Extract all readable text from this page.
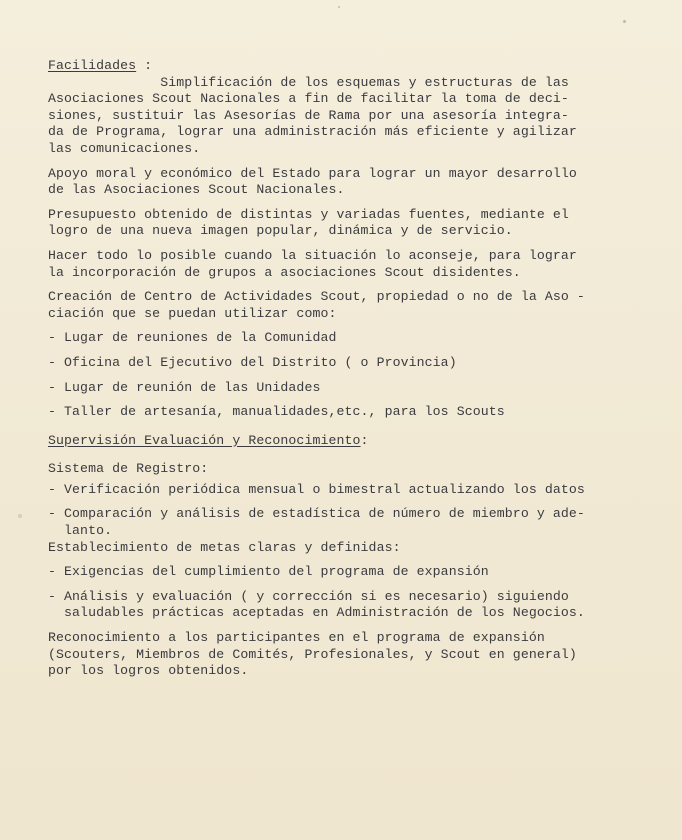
Facilidades :
Simplificación de los esquemas y estructuras de las
Asociaciones Scout Nacionales a fin de facilitar la toma de deci-
siones, sustituir las Asesorías de Rama por una asesoría integra-
da de Programa, lograr una administración más eficiente y agilizar
las comunicaciones.
Apoyo moral y económico del Estado para lograr un mayor desarrollo
de las Asociaciones Scout Nacionales.
Presupuesto obtenido de distintas y variadas fuentes, mediante el
logro de una nueva imagen popular, dinámica y de servicio.
Hacer todo lo posible cuando la situación lo aconseje, para lograr
la incorporación de grupos a asociaciones Scout disidentes.
Creación de Centro de Actividades Scout, propiedad o no de la Aso -
ciación que se puedan utilizar como:
- Lugar de reuniones de la Comunidad
- Oficina del Ejecutivo del Distrito ( o Provincia)
- Lugar de reunión de las Unidades
- Taller de artesanía, manualidades,etc., para los Scouts
Supervisión Evaluación y Reconocimiento:
Sistema de Registro:
- Verificación periódica mensual o bimestral actualizando los datos
- Comparación y análisis de estadística de número de miembro y ade-
lanto.
Establecimiento de metas claras y definidas:
- Exigencias del cumplimiento del programa de expansión
- Análisis y evaluación ( y corrección si es necesario) siguiendo
saludables prácticas aceptadas en Administración de los Negocios.
Reconocimiento a los participantes en el programa de expansión
(Scouters, Miembros de Comités, Profesionales, y Scout en general)
por los logros obtenidos.
